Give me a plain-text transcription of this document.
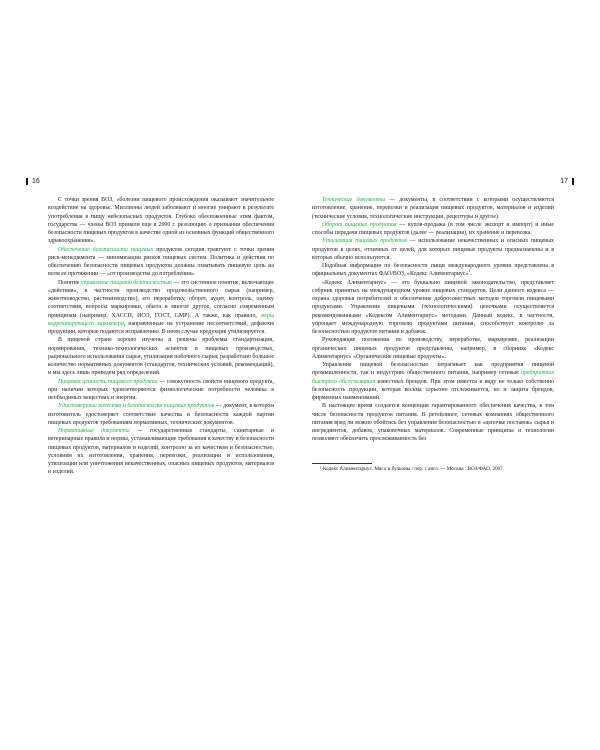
16

С точки зрения ВОЗ, «болезни пищевого происхождения оказывают значительное воздействие на здоровье. Миллионы людей заболевают и многие умирают в результате употребления в пищу небезопасных продуктов. Глубоко обеспокоенные этим фактом, государства — члены ВОЗ приняли еще в 2000 г. резолюцию о признании обеспечения безопасности пищевых продуктов в качестве одной из основных функций общественного здравоохранения».

Обеспечение безопасности пищевых продуктов сегодня трактуют с точки зрения риск-менеджмента — минимизации рисков пищевых систем. Политика и действия по обеспечению безопасности пищевых продуктов должны охватывать пищевую цепь на всем ее протяжении — «от производства до потребления».

Понятие управление пищевой безопасностью — это системное понятие, включающее «действия», в частности производство продовольственного сырья (например, животноводство, растениеводство), его переработку, оборот, аудит, контроль, оценку соответствия, вопросы маркировки, обыта и многое другое, согласно современным принципам (например, ХАССП, ИСО, ГОСТ, GMP). А также, как правило, меры корректирующего характера, направленные на устранение несоответствий, дефектов продукции, которые подаются исправлению. В ином случае продукция утилизируется.

В пищевой стране хорошо изучены и решены проблемы стандартизации, нормирования, технико-технологических аспектов в пищевых производствах, рационального использования сырья, утилизации побочного сырья; разработано большое количество нормативных документов (стандартов, технических условий, рекомендаций), и мы здесь лишь приведем ряд определений.

Пищевая ценность пищевого продукта — совокупность свойств пищевого продукта, при наличии которых удовлетворяются физиологические потребности человека в необходимых веществах и энергии.

Удостоверение качества и безопасности пищевых продуктов — документ, в котором изготовитель удостоверяет соответствие качества и безопасности каждой партии пищевых продуктов требованиям нормативных, технических документов.

Нормативные документы — государственные стандарты, санитарные и ветеринарные правила и нормы, устанавливающие требования к качеству и безопасности пищевых продуктов, материалов и изделий, контролю за их качеством и безопасностью, условиям их изготовления, хранения, перевозки, реализации и использования, утилизации или уничтожения некачественных, опасных пищевых продуктов, материалов и изделий.

17

Технические документы — документы, в соответствии с которыми осуществляются изготовление, хранение, перевозки и реализация пищевых продуктов, материалов и изделий (технические условия, технологические инструкции, рецептуры и другое).

Оборот пищевых продуктов — купля-продажа (в том числе экспорт и импорт) и иные способы передачи пищевых продуктов (далее — реализация), их хранение и перевозка.

Утилизация пищевых продуктов — использование некачественных и опасных пищевых продуктов в целях, отличных от целей, для которых пищевые продукты предназначены и в которых обычно используются.

Подобная информация по безопасности пищи международного уровня представлена в официальных документах ФАО/ВОЗ, «Кодекс Алиментариус»$^1$.

«Кодекс Алиментариус» — это буквально пищевой законодательство, представляет собрник принятых на международном уровне пищевых стандартов. Цели данного кодекса — охрана здоровья потребителей и обеспечение добросовестных методов торговли пищевыми продуктами. Управление пищевыми (технологическими) цепочками осуществляется рекомендованными «Кодексом Алиментариус» методами. Данный кодекс, в частности, упрощает международную торговлю продуктами питания, способствует контролю за безопасностью продуктов питания и добавок.

Руководящие положения по производству, переработке, маркировке, реализации органических пищевых продуктов представлены, например, в сборнике «Кодекс Алиментариус» «Органические пищевые продукты».

Управление пищевой безопасностью затрагивает как предприятия пищевой промышленности, так и индустрию общественного питания, например сетевые предприятия быстрого обслуживания известных брендов. При этом имеется в виду не только собственно безопасность продукции, которая весьма серьезно отслеживается, но и защита брендов, фирменных наименований.

В настоящее время создается концепция гарантированного обеспечения качества, в том числе безопасности продуктов питания. В ретейлинге, сетевых компаниях общественного питания вряд ли можно обойтись без управления безопасностью в «цепочке поставок» сырья и ингредиентов, добавок, упаковочных материалов. Современные принципы и технологии позволяют обеспечить прослеживаемость без

¹ Кодекс Алиментариус. Мясо и бульоны / пер. с англ. — Москва : ВОЗ/ФАО, 2007.
